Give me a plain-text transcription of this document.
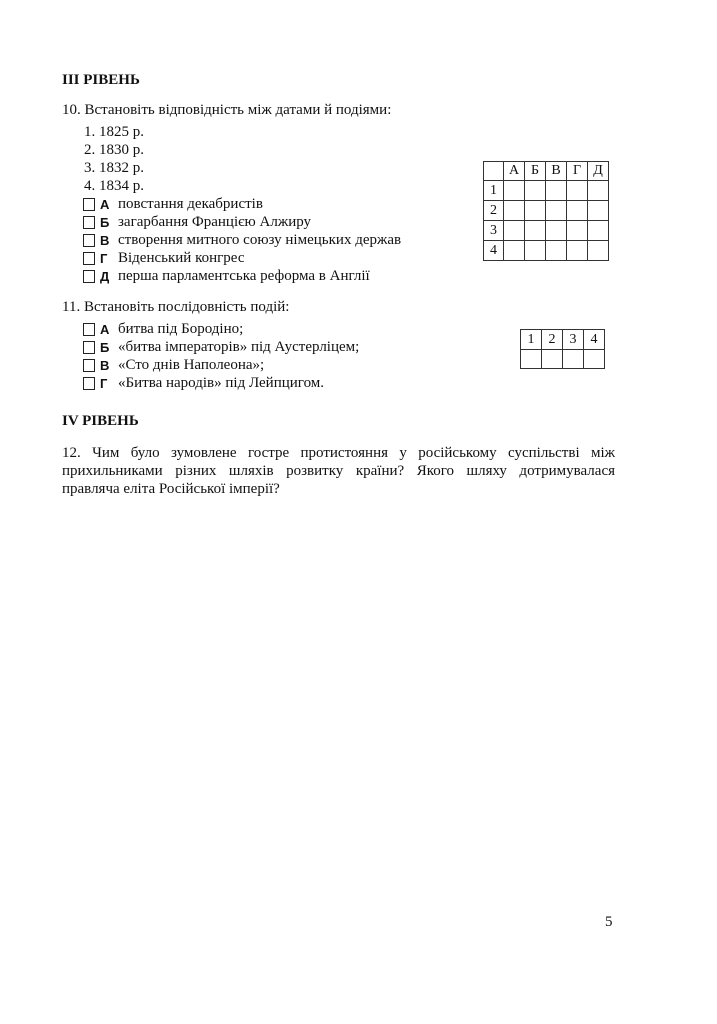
III РІВЕНЬ
10. Встановіть відповідність між датами й подіями:
1. 1825 р.
2. 1830 р.
3. 1832 р.
4. 1834 р.
А повстання декабристів
Б загарбання Францією Алжиру
В створення митного союзу німецьких держав
Г Віденський конгрес
Д перша парламентська реформа в Англії
	А	Б	В	Г	Д
1					
2					
3					
4					
11. Встановіть послідовність подій:
А битва під Бородіно;
Б «битва імператорів» під Аустерліцем;
В «Сто днів Наполеона»;
Г «Битва народів» під Лейпцигом.
1	2	3	4

IV РІВЕНЬ
12. Чим було зумовлене гостре протистояння у російському суспільстві між
прихильниками різних шляхів розвитку країни? Якого шляху дотримувалася
правляча еліта Російської імперії?
5
